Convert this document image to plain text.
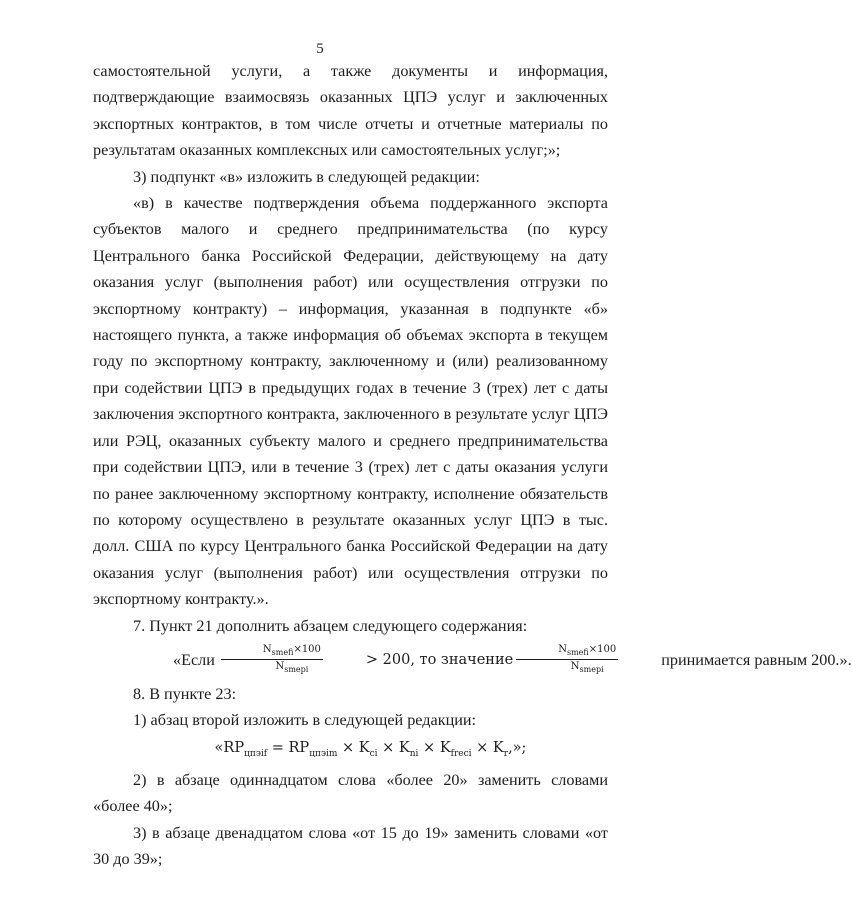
5

самостоятельной услуги, а также документы и информация, подтверждающие взаимосвязь оказанных ЦПЭ услуг и заключенных экспортных контрактов, в том числе отчеты и отчетные материалы по результатам оказанных комплексных или самостоятельных услуг;»;

3) подпункт «в» изложить в следующей редакции:

«в) в качестве подтверждения объема поддержанного экспорта субъектов малого и среднего предпринимательства (по курсу Центрального банка Российской Федерации, действующему на дату оказания услуг (выполнения работ) или осуществления отгрузки по экспортному контракту) – информация, указанная в подпункте «б» настоящего пункта, а также информация об объемах экспорта в текущем году по экспортному контракту, заключенному и (или) реализованному при содействии ЦПЭ в предыдущих годах в течение 3 (трех) лет с даты заключения экспортного контракта, заключенного в результате услуг ЦПЭ или РЭЦ, оказанных субъекту малого и среднего предпринимательства при содействии ЦПЭ, или в течение 3 (трех) лет с даты оказания услуги по ранее заключенному экспортному контракту, исполнение обязательств по которому осуществлено в результате оказанных услуг ЦПЭ в тыс. долл. США по курсу Центрального банка Российской Федерации на дату оказания услуг (выполнения работ) или осуществления отгрузки по экспортному контракту.».

7. Пункт 21 дополнить абзацем следующего содержания:

«Если $\frac{N_{smefi}\times 100}{N_{smepi}}$	> 200, то значение $\frac{N_{smefi}\times 100}{N_{smepi}}$	принимается равным 200.».

8. В пункте 23:

1) абзац второй изложить в следующей редакции:

«$RP_{цпэif} = RP_{цпэim} \times K_{ci} \times K_{ni} \times K_{freci} \times K_r$,»;

2) в абзаце одиннадцатом слова «более 20» заменить словами «более 40»;

3) в абзаце двенадцатом слова «от 15 до 19» заменить словами «от 30 до 39»;
